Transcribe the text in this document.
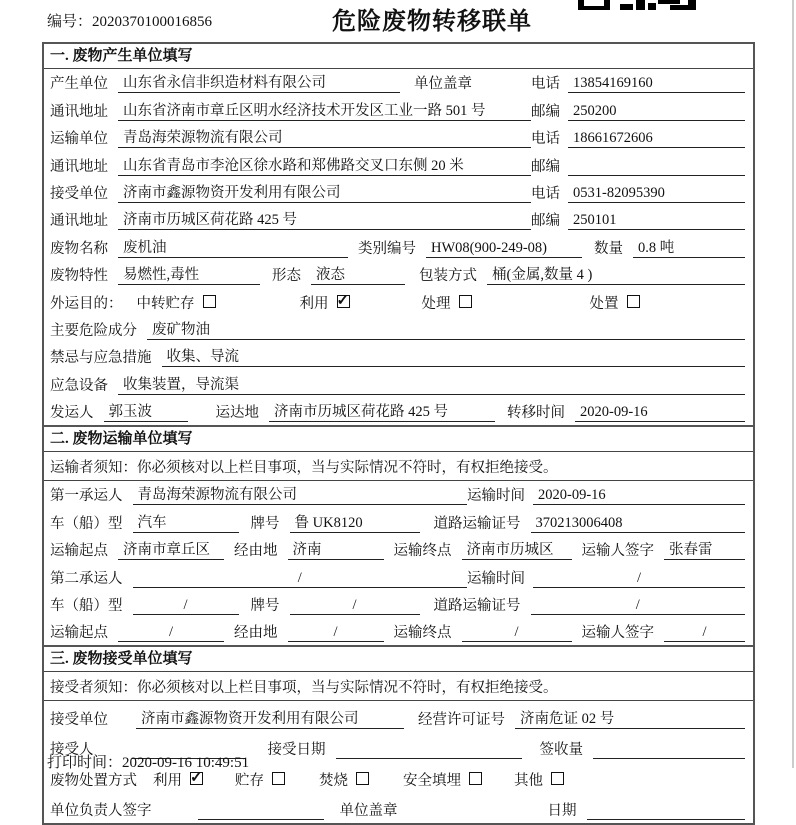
编号：2020370100016856	危险废物转移联单
一. 废物产生单位填写
产生单位	山东省永信非织造材料有限公司	单位盖章	电话 13854169160
通讯地址	山东省济南市章丘区明水经济技术开发区工业一路 501 号	邮编 250200
运输单位	青岛海荣源物流有限公司	电话 18661672606
通讯地址	山东省青岛市李沧区徐水路和郑佛路交叉口东侧 20 米	邮编
接受单位	济南市鑫源物资开发利用有限公司	电话 0531-82095390
通讯地址	济南市历城区荷花路 425 号	邮编 250101
废物名称	废机油	类别编号	HW08(900-249-08)	数量	0.8 吨
废物特性	易燃性,毒性	形态	液态	包装方式	桶(金属,数量 4 )
外运目的： 中转贮存	利用 ✓	处理	处置
主要危险成分	废矿物油
禁忌与应急措施	收集、导流
应急设备	收集装置，导流渠
发运人	郭玉波	运达地	济南市历城区荷花路 425 号	转移时间	2020-09-16
二. 废物运输单位填写
运输者须知：你必须核对以上栏目事项，当与实际情况不符时，有权拒绝接受。
第一承运人	青岛海荣源物流有限公司	运输时间 2020-09-16
车（船）型	汽车	牌号	鲁 UK8120	道路运输证号	370213006408
运输起点	济南市章丘区	经由地	济南	运输终点	济南市历城区	运输人签字	张春雷
第二承运人	/	运输时间	/
车（船）型	/	牌号	/	道路运输证号	/
运输起点	/	经由地	/	运输终点	/	运输人签字	/
三. 废物接受单位填写
接受者须知：你必须核对以上栏目事项，当与实际情况不符时，有权拒绝接受。
接受单位	济南市鑫源物资开发利用有限公司	经营许可证号	济南危证 02 号
接受人	接受日期	签收量
废物处置方式 利用 ✓	贮存	焚烧	安全填埋	其他
单位负责人签字	单位盖章	日期
打印时间：2020-09-16 10:49:51
